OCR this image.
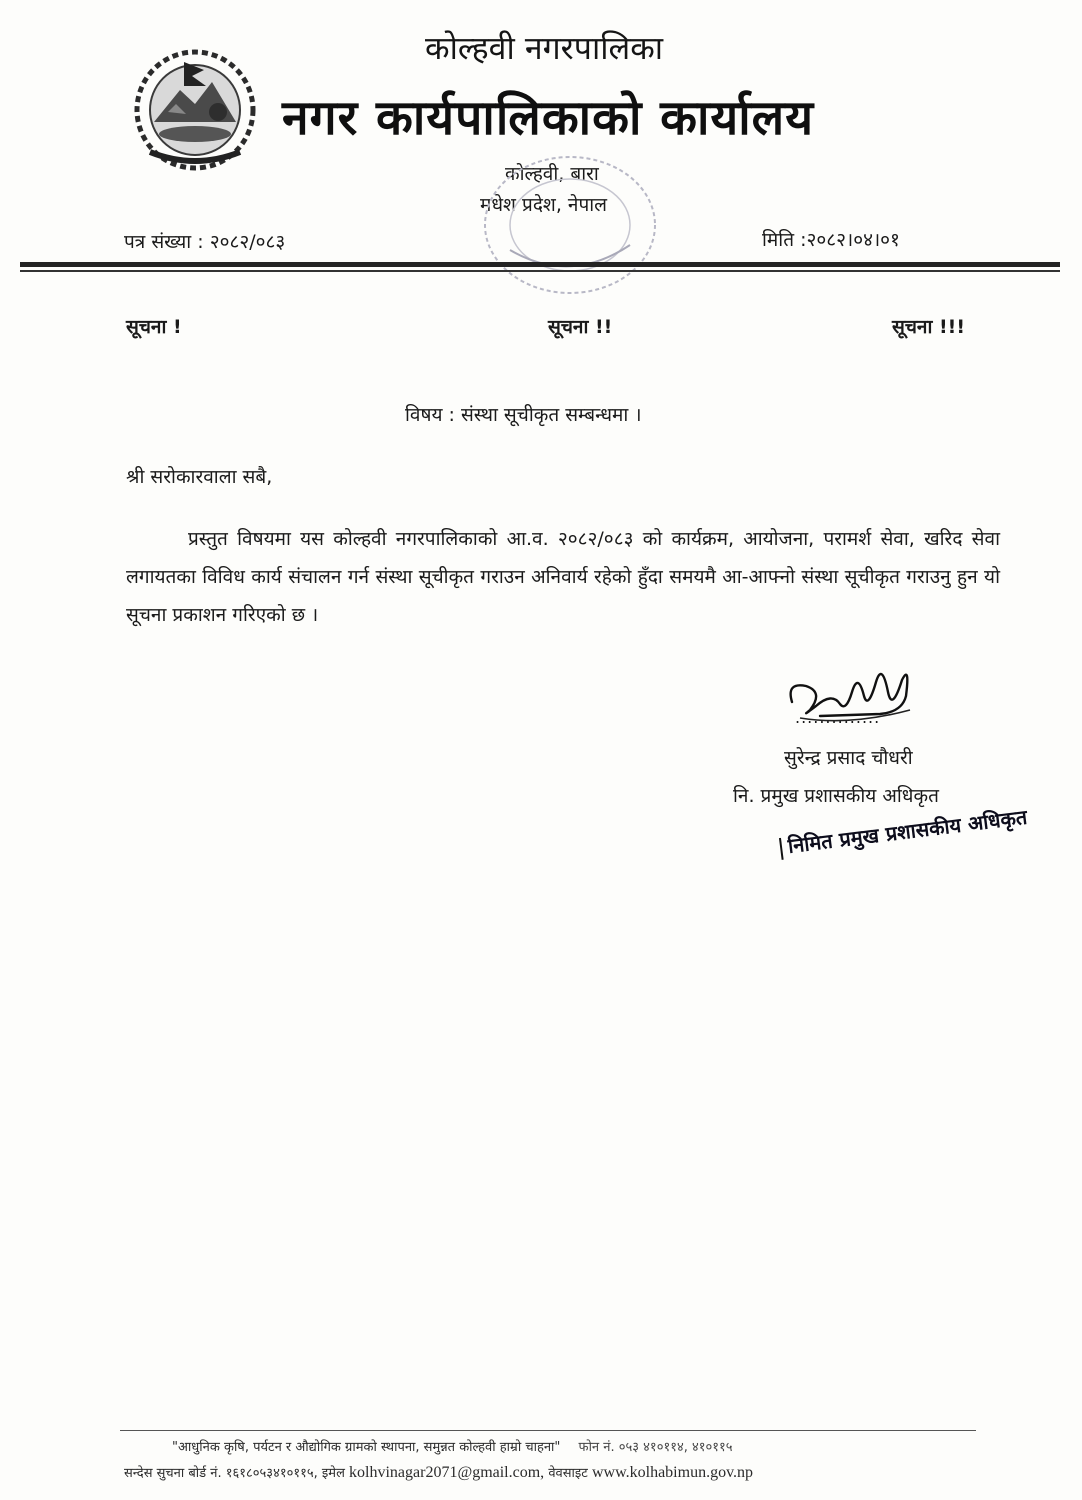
कोल्हवी नगरपालिका
नगर कार्यपालिकाको कार्यालय
कोल्हवी, बारा
मधेश प्रदेश, नेपाल
पत्र संख्या : २०८२/०८३	मिति :२०८२।०४।०१
सूचना !	सूचना !!	सूचना !!!
विषय : संस्था सूचीकृत सम्बन्धमा ।
श्री सरोकारवाला सबै,
प्रस्तुत विषयमा यस कोल्हवी नगरपालिकाको आ.व. २०८२/०८३ को कार्यक्रम, आयोजना, परामर्श सेवा, खरिद सेवा लगायतका विविध कार्य संचालन गर्न संस्था सूचीकृत गराउन अनिवार्य रहेको हुँदा समयमै आ-आफ्नो संस्था सूचीकृत गराउनु हुन यो सूचना प्रकाशन गरिएको छ ।
..............
सुरेन्द्र प्रसाद चौधरी
नि. प्रमुख प्रशासकीय अधिकृत
निमित प्रमुख प्रशासकीय अधिकृत
"आधुनिक कृषि, पर्यटन र औद्योगिक ग्रामको स्थापना, समुन्नत कोल्हवी हाम्रो चाहना" फोन नं. ०५३ ४१०११४, ४१०११५
सन्देस सुचना बोर्ड नं. १६१८०५३४१०११५, इमेल kolhvinagar2071@gmail.com, वेवसाइट www.kolhabimun.gov.np
